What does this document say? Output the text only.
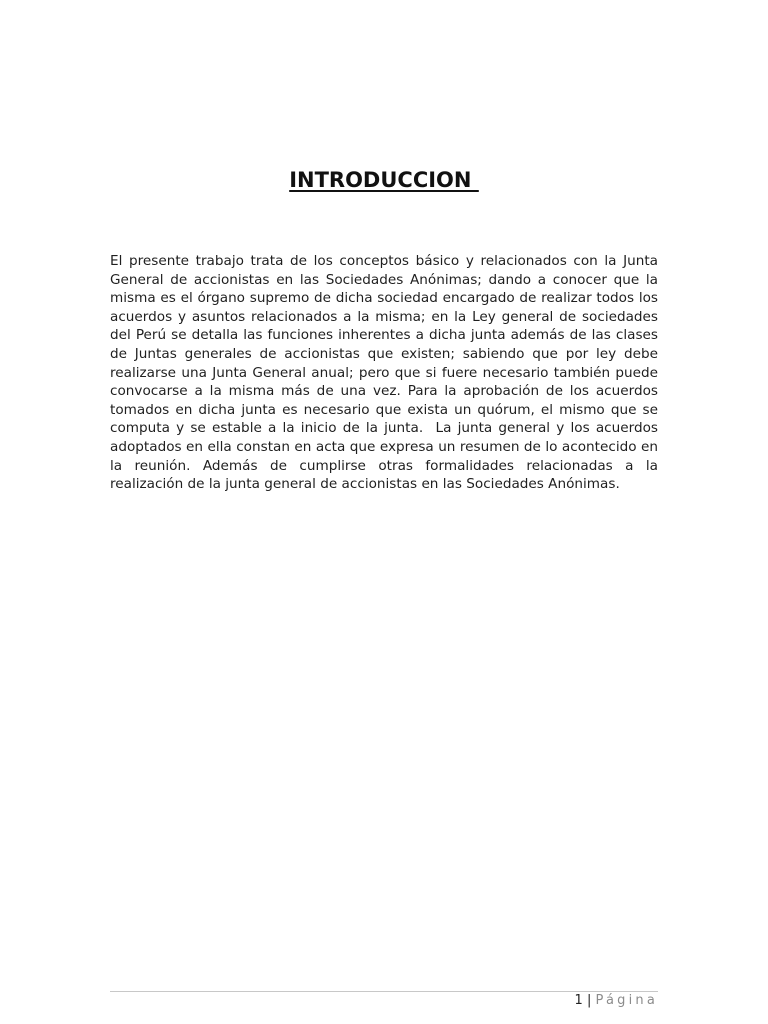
INTRODUCCION

El presente trabajo trata de los conceptos básico y relacionados con la Junta General de accionistas en las Sociedades Anónimas; dando a conocer que la misma es el órgano supremo de dicha sociedad encargado de realizar todos los acuerdos y asuntos relacionados a la misma; en la Ley general de sociedades del Perú se detalla las funciones inherentes a dicha junta además de las clases de Juntas generales de accionistas que existen; sabiendo que por ley debe realizarse una Junta General anual; pero que si fuere necesario también puede convocarse a la misma más de una vez. Para la aprobación de los acuerdos tomados en dicha junta es necesario que exista un quórum, el mismo que se computa y se estable a la inicio de la junta.  La junta general y los acuerdos adoptados en ella constan en acta que expresa un resumen de lo acontecido en la reunión. Además de cumplirse otras formalidades relacionadas a la realización de la junta general de accionistas en las Sociedades Anónimas.

1 | Página
